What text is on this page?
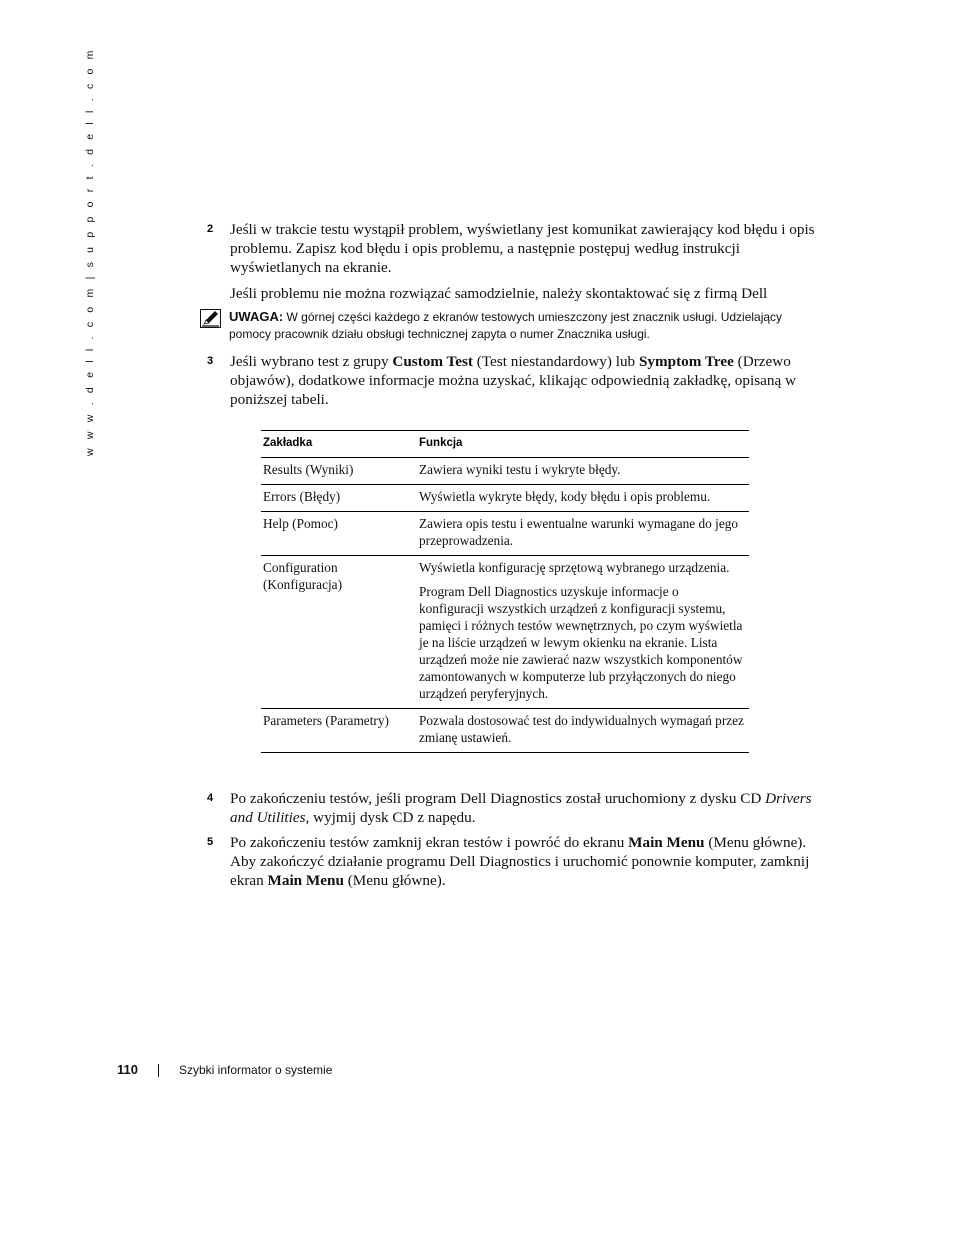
w w w . d e l l . c o m | s u p p o r t . d e l l . c o m	2 Jeśli w trakcie testu wystąpił problem, wyświetlany jest komunikat zawierający kod błędu i opis problemu. Zapisz kod błędu i opis problemu, a następnie postępuj według instrukcji wyświetlanych na ekranie.
Jeśli problemu nie można rozwiązać samodzielnie, należy skontaktować się z firmą Dell
UWAGA: W górnej części każdego z ekranów testowych umieszczony jest znacznik usługi. Udzielający pomocy pracownik działu obsługi technicznej zapyta o numer Znacznika usługi.
3 Jeśli wybrano test z grupy Custom Test (Test niestandardowy) lub Symptom Tree (Drzewo objawów), dodatkowe informacje można uzyskać, klikając odpowiednią zakładkę, opisaną w poniższej tabeli.
Zakładka	Funkcja
Results (Wyniki)	Zawiera wyniki testu i wykryte błędy.
Errors (Błędy)	Wyświetla wykryte błędy, kody błędu i opis problemu.
Help (Pomoc)	Zawiera opis testu i ewentualne warunki wymagane do jego przeprowadzenia.
Configuration (Konfiguracja)	Wyświetla konfigurację sprzętową wybranego urządzenia.
Program Dell Diagnostics uzyskuje informacje o konfiguracji wszystkich urządzeń z konfiguracji systemu, pamięci i różnych testów wewnętrznych, po czym wyświetla je na liście urządzeń w lewym okienku na ekranie. Lista urządzeń może nie zawierać nazw wszystkich komponentów zamontowanych w komputerze lub przyłączonych do niego urządzeń peryferyjnych.

Parameters (Parametry)	Pozwala dostosować test do indywidualnych wymagań przez zmianę ustawień.
4 Po zakończeniu testów, jeśli program Dell Diagnostics został uruchomiony z dysku CD Drivers and Utilities, wyjmij dysk CD z napędu.
5 Po zakończeniu testów zamknij ekran testów i powróć do ekranu Main Menu (Menu główne). Aby zakończyć działanie programu Dell Diagnostics i uruchomić ponownie komputer, zamknij ekran Main Menu (Menu główne).
110	Szybki informator o systemie
